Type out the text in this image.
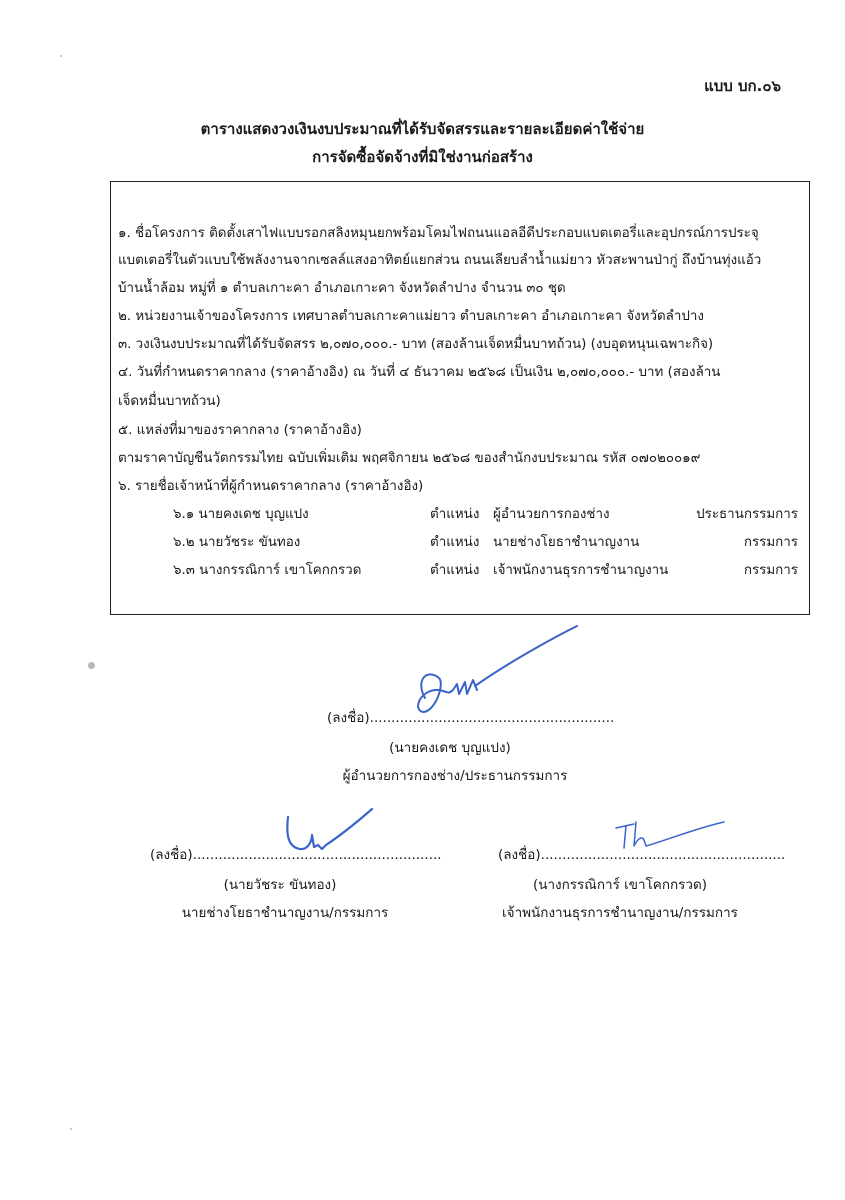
แบบ บก.๐๖
ตารางแสดงวงเงินงบประมาณที่ได้รับจัดสรรและรายละเอียดค่าใช้จ่าย
การจัดซื้อจัดจ้างที่มิใช่งานก่อสร้าง
๑. ชื่อโครงการ ติดตั้งเสาไฟแบบรอกสลิงหมุนยกพร้อมโคมไฟถนนแอลอีดีประกอบแบตเตอรี่และอุปกรณ์การประจุ
แบตเตอรี่ในตัวแบบใช้พลังงานจากเซลล์แสงอาทิตย์แยกส่วน ถนนเลียบลำน้ำแม่ยาว หัวสะพานป่ากู่ ถึงบ้านทุ่งแอ้ว
บ้านน้ำล้อม หมู่ที่ ๑ ตำบลเกาะคา อำเภอเกาะคา จังหวัดลำปาง จำนวน ๓๐ ชุด
๒. หน่วยงานเจ้าของโครงการ เทศบาลตำบลเกาะคาแม่ยาว ตำบลเกาะคา อำเภอเกาะคา จังหวัดลำปาง
๓. วงเงินงบประมาณที่ได้รับจัดสรร ๒,๐๗๐,๐๐๐.- บาท (สองล้านเจ็ดหมื่นบาทถ้วน) (งบอุดหนุนเฉพาะกิจ)
๔. วันที่กำหนดราคากลาง (ราคาอ้างอิง) ณ วันที่ ๔ ธันวาคม ๒๕๖๘ เป็นเงิน ๒,๐๗๐,๐๐๐.- บาท (สองล้าน
เจ็ดหมื่นบาทถ้วน)
๕. แหล่งที่มาของราคากลาง (ราคาอ้างอิง)
ตามราคาบัญชีนวัตกรรมไทย ฉบับเพิ่มเติม พฤศจิกายน ๒๕๖๘ ของสำนักงบประมาณ รหัส ๐๗๐๒๐๐๑๙
๖. รายชื่อเจ้าหน้าที่ผู้กำหนดราคากลาง (ราคาอ้างอิง)
๖.๑ นายคงเดช บุญแปง	ตำแหน่ง ผู้อำนวยการกองช่าง	ประธานกรรมการ
๖.๒ นายวัชระ ขันทอง	ตำแหน่ง นายช่างโยธาชำนาญงาน	กรรมการ
๖.๓ นางกรรณิการ์ เขาโคกกรวด	ตำแหน่ง เจ้าพนักงานธุรการชำนาญงาน	กรรมการ
(ลงชื่อ).........................................................
(นายคงเดช บุญแปง)
ผู้อำนวยการกองช่าง/ประธานกรรมการ
(ลงชื่อ)..........................................................
(นายวัชระ ขันทอง)
นายช่างโยธาชำนาญงาน/กรรมการ
(ลงชื่อ).........................................................
(นางกรรณิการ์ เขาโคกกรวด)
เจ้าพนักงานธุรการชำนาญงาน/กรรมการ
